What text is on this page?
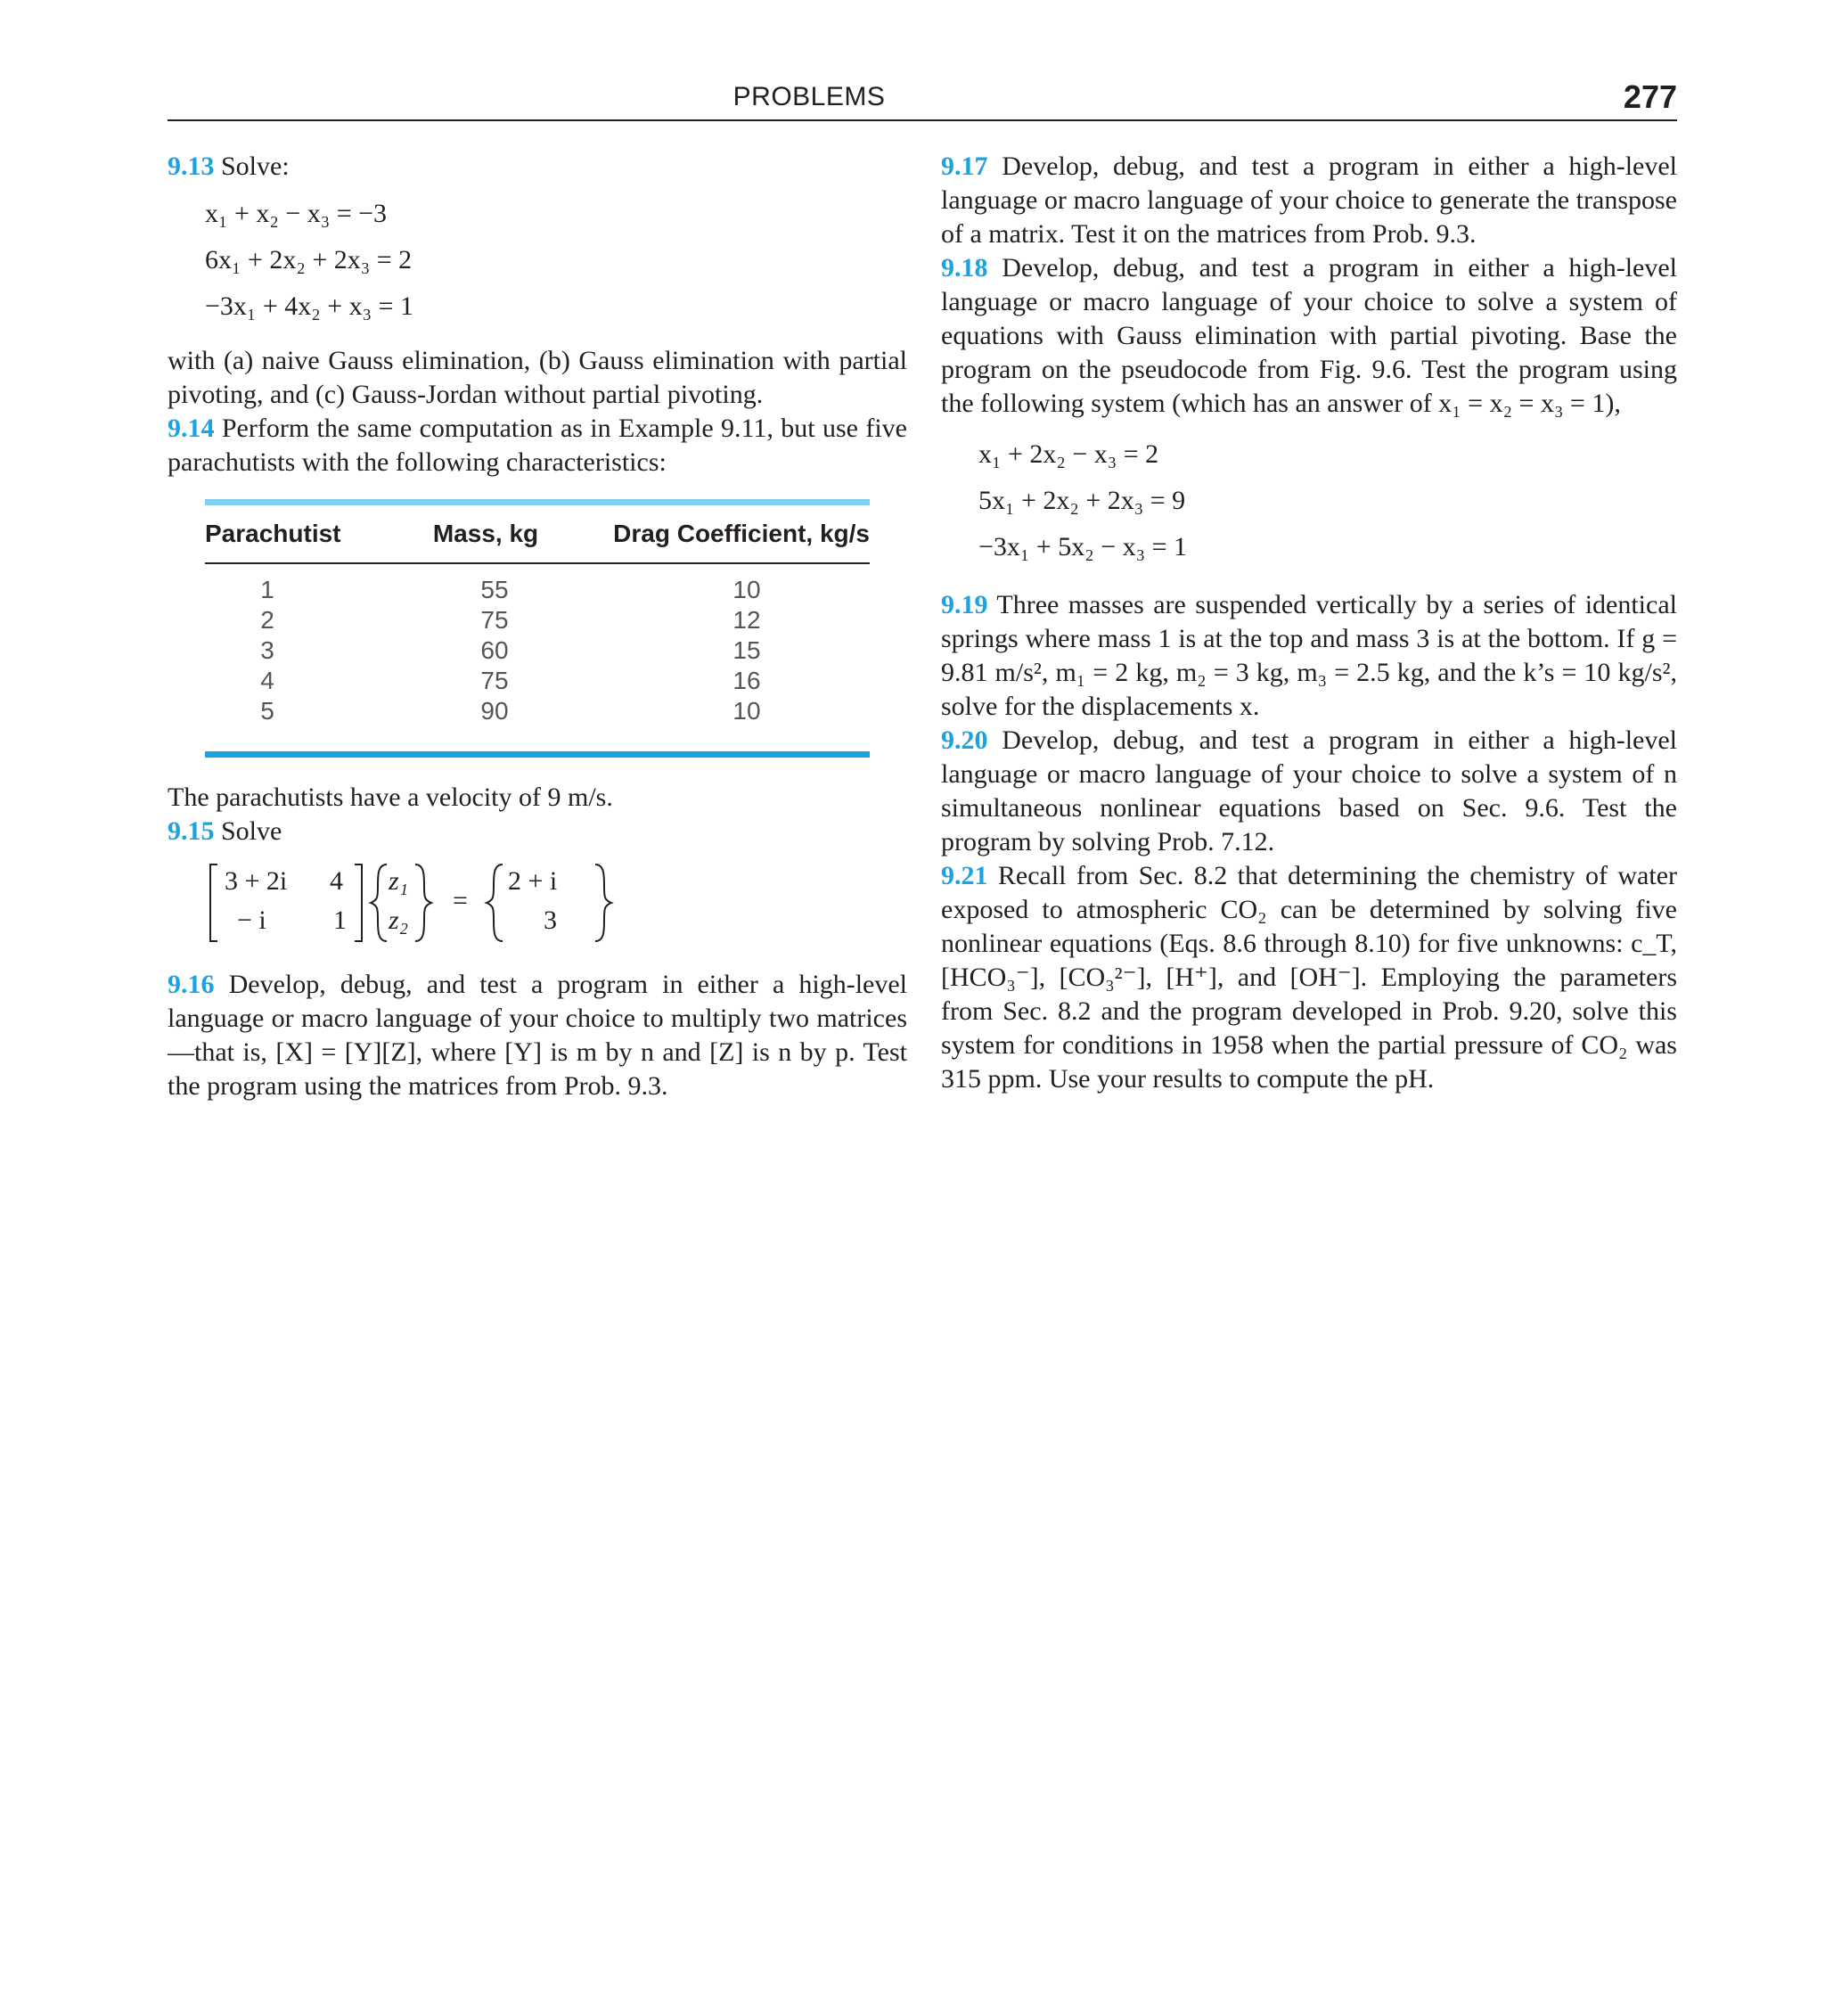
PROBLEMS	277

9.13 Solve:

x₁ + x₂ − x₃ = −3
6x₁ + 2x₂ + 2x₃ = 2
−3x₁ + 4x₂ + x₃ = 1

with (a) naive Gauss elimination, (b) Gauss elimination with partial pivoting, and (c) Gauss-Jordan without partial pivoting.

9.14 Perform the same computation as in Example 9.11, but use five parachutists with the following characteristics:

Parachutist	Mass, kg	Drag Coefficient, kg/s
1	55	10
2	75	12
3	60	15
4	75	16
5	90	10

The parachutists have a velocity of 9 m/s.

9.15 Solve

3 + 2i 4
− i	1
z₁
z₂
=
2 + i
3

9.16 Develop, debug, and test a program in either a high-level language or macro language of your choice to multiply two matrices—that is, [X] = [Y][Z], where [Y] is m by n and [Z] is n by p. Test the program using the matrices from Prob. 9.3.

9.17 Develop, debug, and test a program in either a high-level language or macro language of your choice to generate the transpose of a matrix. Test it on the matrices from Prob. 9.3.

9.18 Develop, debug, and test a program in either a high-level language or macro language of your choice to solve a system of equations with Gauss elimination with partial pivoting. Base the program on the pseudocode from Fig. 9.6. Test the program using the following system (which has an answer of x₁ = x₂ = x₃ = 1),

x₁ + 2x₂ − x₃ = 2
5x₁ + 2x₂ + 2x₃ = 9
−3x₁ + 5x₂ − x₃ = 1

9.19 Three masses are suspended vertically by a series of identical springs where mass 1 is at the top and mass 3 is at the bottom. If g = 9.81 m/s², m₁ = 2 kg, m₂ = 3 kg, m₃ = 2.5 kg, and the k’s = 10 kg/s², solve for the displacements x.

9.20 Develop, debug, and test a program in either a high-level language or macro language of your choice to solve a system of n simultaneous nonlinear equations based on Sec. 9.6. Test the program by solving Prob. 7.12.

9.21 Recall from Sec. 8.2 that determining the chemistry of water exposed to atmospheric CO₂ can be determined by solving five nonlinear equations (Eqs. 8.6 through 8.10) for five unknowns: c_T, [HCO₃⁻], [CO₃²⁻], [H⁺], and [OH⁻]. Employing the parameters from Sec. 8.2 and the program developed in Prob. 9.20, solve this system for conditions in 1958 when the partial pressure of CO₂ was 315 ppm. Use your results to compute the pH.
